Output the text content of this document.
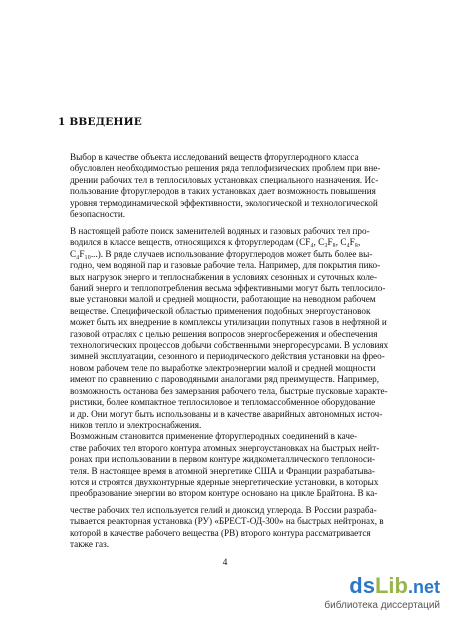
1 ВВЕДЕНИЕ
Выбор в качестве объекта исследований веществ фторуглеродного класса
обусловлен необходимостью решения ряда теплофизических проблем при вне-
дрении рабочих тел в теплосиловых установках специального назначения. Ис-
пользование фторуглеродов в таких установках дает возможность повышения
уровня термодинамической эффективности, экологической и технологической
безопасности.
В настоящей работе поиск заменителей водяных и газовых рабочих тел про-
водился в классе веществ, относящихся к фторуглеродам (CF₄, C₃F₈, C₄F₈,
C₄F₁₀...). В ряде случаев использование фторуглеродов может быть более вы-
годно, чем водяной пар и газовые рабочие тела. Например, для покрытия пико-
вых нагрузок энерго и теплоснабжения в условиях сезонных и суточных коле-
баний энерго и теплопотребления весьма эффективными могут быть теплосило-
вые установки малой и средней мощности, работающие на неводном рабочем
веществе. Специфической областью применения подобных энергоустановок
может быть их внедрение в комплексы утилизации попутных газов в нефтяной и
газовой отраслях с целью решения вопросов энергосбережения и обеспечения
технологических процессов добычи собственными энергоресурсами. В условиях
зимней эксплуатации, сезонного и периодического действия установки на фрео-
новом рабочем теле по выработке электроэнергии малой и средней мощности
имеют по сравнению с пароводяными аналогами ряд преимуществ. Например,
возможность останова без замерзания рабочего тела, быстрые пусковые характе-
ристики, более компактное теплосиловое и тепломассобменное оборудование
и др. Они могут быть использованы и в качестве аварийных автономных источ-
ников тепло и электроснабжения.
Возможным становится применение фторуглеродных соединений в каче-
стве рабочих тел второго контура атомных энергоустановках на быстрых нейт-
ронах при использовании в первом контуре жидкометаллического теплоноси-
теля. В настоящее время в атомной энергетике США и Франции разрабатыва-
ются и строятся двухконтурные ядерные энергетические установки, в которых
преобразование энергии во втором контуре основано на цикле Брайтона. В ка-
честве рабочих тел используется гелий и диоксид углерода. В России разраба-
тывается реакторная установка (РУ) «БРЕСТ-ОД-300» на быстрых нейтронах, в
которой в качестве рабочего вещества (РВ) второго контура рассматривается
также газ.
4
dsLib.net
библиотека диссертаций
